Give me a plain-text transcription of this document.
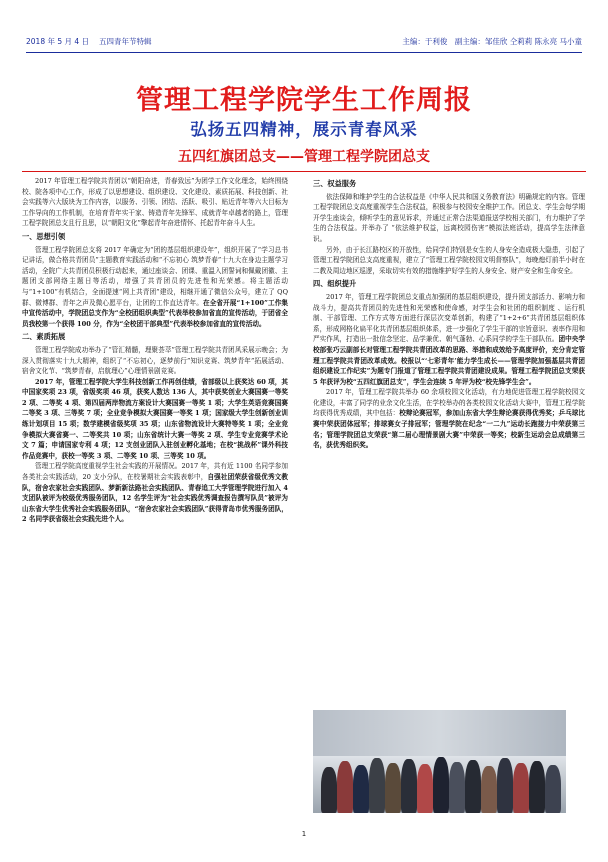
2018 年 5 月 4 日　 五四青年节特辑	主编：于利俊　副主编：邹佳欣 仝莉莉 陈永亮 马小童
管理工程学院学生工作周报
弘扬五四精神，展示青春风采
五四红旗团总支——管理工程学院团总支

2017 年管理工程学院共青团以“朝阳奋进，青春致远”为团学工作文化理念，始终围绕校、院各项中心工作，形成了以思想建设、组织建设、文化建设、素质拓展、科技创新、社会实践等六大版块为工作内容，以服务、引领、团结、活跃、吸引、贴近青年等六大目标为工作导向的工作机制，在培育青年实干家、铸造青年先锋军、成就青年卓越者的路上，管理工程学院团总支且行且思，以“朝阳文化”擎起青年奋进情怀、托起青年奋斗人生。

一、思想引领

管理工程学院团总支将 2017 年确定为“团的基层组织建设年”，组织开展了“学习总书记讲话，做合格共青团员”主题教育实践活动和“不忘初心 筑梦青春”十九大在身边主题学习活动，全院广大共青团员积极行动起来，通过座谈会、团课、重温入团誓词和佩戴团徽、主题团支部网络主题日等活动，增强了共青团员的先进性和光荣感。将主题活动与“1+100”有机结合，全面提速“网上共青团”建设，相继开通了微信公众号，建立了 QQ 群、微博群、青年之声及微心愿平台，让团的工作直达青年。在全省开展“1+100”工作集中宣传活动中，学院团总支作为“全校团组织典型”代表举校参加省直的宣传活动，于团省全员我校第一个获得 100 分，作为“全校团干部典型”代表举校参加省直的宣传活动。

二、素质拓展

管理工程学院成功举办了“管汇精髓，理聚荟萃”管理工程学院共青团风采展示晚会；为深入贯彻落实十九大精神，组织了“不忘初心，逐梦前行”知识竞赛、筑梦青年”拓展活动、宿舍文化节、“筑梦青春，启航理心”心理情景剧竞赛。

2017 年，管理工程学院大学生科技创新工作再创佳绩，省部级以上获奖达 60 项，其中国家奖项 23 项，省级奖项 46 项，获奖人数达 136 人，其中获奖创业大赛国赛一等奖 2 项、二等奖 4 项、第四届两岸物流方案设计大赛国赛一等奖 1 项；大学生英语竞赛国赛二等奖 3 项、三等奖 7 项；全业竞争模拟大赛国赛一等奖 1 项；国家级大学生创新创业训练计划项目 15 项；数学建模省级奖项 35 项；山东省物流设计大赛特等奖 1 项；全业竞争模拟大赛省赛一、二等奖共 10 项；山东省统计大赛一等奖 2 项、学生专业竞赛学术论文 7 篇；申请国家专利 4 项；12 支创业团队入驻创业孵化基地；在校“挑战杯”课外科技作品竞赛中，获校一等奖 3 项、二等奖 10 项、三等奖 10 项。

管理工程学院高度重视学生社会实践的开展情况。2017 年，共有近 1100 名同学参加各类社会实践活动，20 支小分队，在校暑期社会实践表彰中，自强社团荣获省级优秀文教队，宿舍农家社会实践团队、梦新新法路社会实践团队、青春追工大学管理学院进行加入 4 支团队被评为校级优秀服务团队，12 名学生评为“社会实践优秀调查报告撰写队员”被评为山东省大学生优秀社会实践服务团队，“宿舍农家社会实践团队”获得青岛市优秀服务团队，2 名同学获省级社会实践先进个人。

三、权益服务

依法保障和维护学生的合法权益是《中华人民共和国义务教育法》明确规定的内容。管理工程学院团总支高度重视学生合法权益，积极参与校园安全维护工作。团总支、学生会每学期开学生座谈会，倾听学生的意见诉求，并通过正常合法渠道报送学校相关部门，有力维护了学生的合法权益。并举办了 “依法维护权益，远离校园伤害”模拟法庭活动，提高学生法律意识。

另外，由于长江路校区的开放性，给同学们特别是女生的人身安全造成极大隐患，引起了管理工程学院团总支高度重视，建立了“管理工程学院校园文明督察队”，每晚熄灯前半小时在二教及周边地区巡逻，采取切实有效的措施维护好学生的人身安全、财产安全和生命安全。

四、组织提升

2017 年，管理工程学院团总支重点加强团的基层组织建设，提升团支部活力、影响力和战斗力，提高共青团员的先进性和光荣感和使命感，对学生会和社团的组织制度 、运行机制、干部管理、工作方式等方面进行深层次变革创新，构建了“1+2+6”共青团基层组织体系，形成网格化扁平化共青团基层组织体系，进一步强化了学生干部的宗旨意识、表率作用和严实作风，打造出一批信念坚定、品学兼优、朝气蓬勃、心系同学的学生干部队伍。团中央学校部张巧云副部长对管理工程学院共青团改革的思路、举措和成效给予高度评价，充分肯定管理工程学院共青团改革成效。校报以“‘七彩青年’能力学生成长——管理学院加强基层共青团组织建设工作纪实”为题专门报道了管理工程学院共青团建设成果。管理工程学院团总支荣获 5 年获评为校“五四红旗团总支”，学生会连续 5 年评为校“校先锋学生会”。

2017 年，管理工程学院共举办 60 余项校园文化活动，有力地促进管理工程学院校园文化建设，丰富了同学的业余文化生活，在学校举办的各类校园文化活动大赛中，管理工程学院均获得优秀成绩，其中包括：校辩论赛冠军，参加山东省大学生辩论赛获得优秀奖；乒乓球比赛中荣获团体冠军；排球赛女子排冠军；管理学院在纪念“一二九”运动长跑接力中荣获第三名；管理学院团总支荣获“第二届心理情景剧大赛”中荣获一等奖；校新生运动会总成绩第三名，获优秀组织奖。

1
